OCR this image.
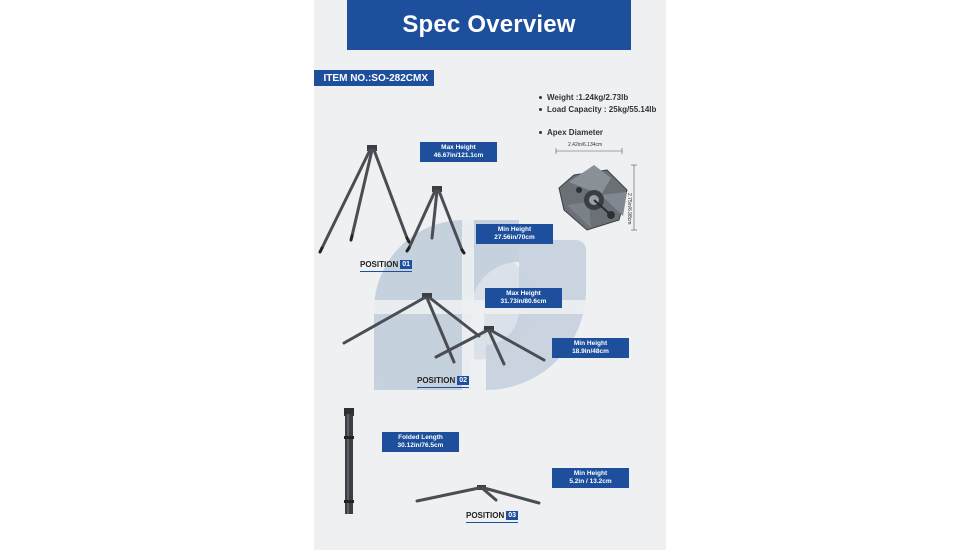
Spec Overview
ITEM NO.:SO-282CMX
Weight :1.24kg/2.73lb
Load Capacity : 25kg/55.14lb
Apex Diameter
2.42in/6.134cm
2.75in/6.98cm
Max Height
46.67in/121.1cm
Min Height
27.56in/70cm
POSITION 01
Max Height
31.73in/80.6cm
Min Height
18.9in/48cm
POSITION 02
Folded Length
30.12in/76.5cm
Min Height
5.2in / 13.2cm
POSITION 03
